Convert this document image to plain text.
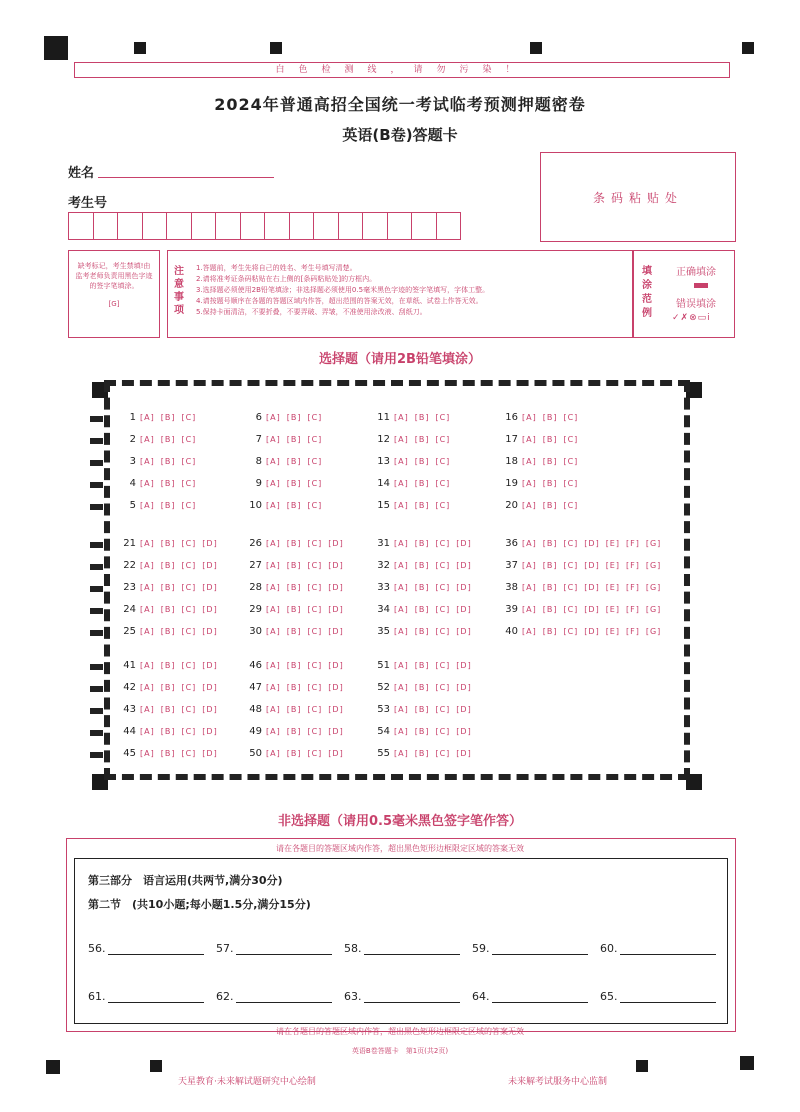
白色检测线，请勿污染！
2024年普通高招全国统一考试临考预测押题密卷
英语(B卷)答题卡
姓名
考生号	条码粘贴处
缺考标记，考生禁填!由监考老师负责用黑色字迹的签字笔填涂。
[G]
注意事项
1.答题前，考生先将自己的姓名、考生号填写清楚。
2.请将准考证条码粘贴在右上侧的[条码粘贴处]的方框内。
3.选择题必须使用2B铅笔填涂；非选择题必须使用0.5毫米黑色字迹的签字笔填写，字体工整。
4.请按题号顺序在各题的答题区域内作答，超出范围的答案无效，在草纸、试卷上作答无效。
5.保持卡面清洁，不要折叠，不要弄破、弄皱，不准使用涂改液、刮纸刀。
填涂范例
正确填涂
错误填涂
✓✗⊗▭ⅰ
选择题（请用2B铅笔填涂）
1 [A] [B] [C]
2 [A] [B] [C]
3 [A] [B] [C]
4 [A] [B] [C]
5 [A] [B] [C]
6 [A] [B] [C]
7 [A] [B] [C]
8 [A] [B] [C]
9 [A] [B] [C]
10 [A] [B] [C]
11 [A] [B] [C]
12 [A] [B] [C]
13 [A] [B] [C]
14 [A] [B] [C]
15 [A] [B] [C]
16 [A] [B] [C]
17 [A] [B] [C]
18 [A] [B] [C]
19 [A] [B] [C]
20 [A] [B] [C]
21 [A] [B] [C] [D]
22 [A] [B] [C] [D]
23 [A] [B] [C] [D]
24 [A] [B] [C] [D]
25 [A] [B] [C] [D]
26 [A] [B] [C] [D]
27 [A] [B] [C] [D]
28 [A] [B] [C] [D]
29 [A] [B] [C] [D]
30 [A] [B] [C] [D]
31 [A] [B] [C] [D]
32 [A] [B] [C] [D]
33 [A] [B] [C] [D]
34 [A] [B] [C] [D]
35 [A] [B] [C] [D]
36 [A] [B] [C] [D] [E] [F] [G]
37 [A] [B] [C] [D] [E] [F] [G]
38 [A] [B] [C] [D] [E] [F] [G]
39 [A] [B] [C] [D] [E] [F] [G]
40 [A] [B] [C] [D] [E] [F] [G]
41 [A] [B] [C] [D]
42 [A] [B] [C] [D]
43 [A] [B] [C] [D]
44 [A] [B] [C] [D]
45 [A] [B] [C] [D]
46 [A] [B] [C] [D]
47 [A] [B] [C] [D]
48 [A] [B] [C] [D]
49 [A] [B] [C] [D]
50 [A] [B] [C] [D]
51 [A] [B] [C] [D]
52 [A] [B] [C] [D]
53 [A] [B] [C] [D]
54 [A] [B] [C] [D]
55 [A] [B] [C] [D]
非选择题（请用0.5毫米黑色签字笔作答）
请在各题目的答题区域内作答，超出黑色矩形边框限定区域的答案无效
第三部分　语言运用(共两节,满分30分)
第二节　(共10小题;每小题1.5分,满分15分)
56.	57.	58.	59.	60.
61.	62.	63.	64.	65.
请在各题目的答题区域内作答，超出黑色矩形边框限定区域的答案无效
英语B卷答题卡　第1页(共2页)
天星教育·未来解试题研究中心绘制	未来解考试服务中心监制
